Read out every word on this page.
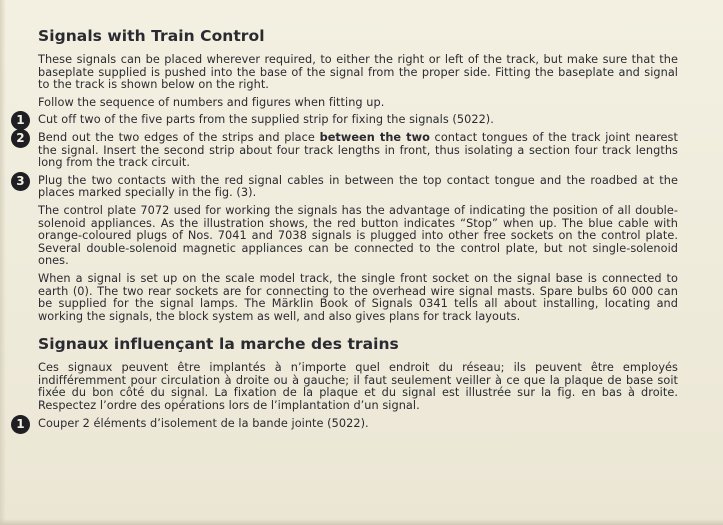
Signals with Train Control

These signals can be placed wherever required, to either the right or left of the track, but make sure that the baseplate supplied is pushed into the base of the signal from the proper side. Fitting the baseplate and signal to the track is shown below on the right.

Follow the sequence of numbers and figures when fitting up.

1	Cut off two of the five parts from the supplied strip for fixing the signals (5022).

2	Bend out the two edges of the strips and place between the two contact tongues of the track joint nearest the signal. Insert the second strip about four track lengths in front, thus isolating a section four track lengths long from the track circuit.

3	Plug the two contacts with the red signal cables in between the top contact tongue and the roadbed at the places marked specially in the fig. (3).

The control plate 7072 used for working the signals has the advantage of indicating the position of all double-solenoid appliances. As the illustration shows, the red button indicates “Stop” when up. The blue cable with orange-coloured plugs of Nos. 7041 and 7038 signals is plugged into other free sockets on the control plate. Several double-solenoid magnetic appliances can be connected to the control plate, but not single-solenoid ones.

When a signal is set up on the scale model track, the single front socket on the signal base is connected to earth (0). The two rear sockets are for connecting to the overhead wire signal masts. Spare bulbs 60 000 can be supplied for the signal lamps. The Märklin Book of Signals 0341 tells all about installing, locating and working the signals, the block system as well, and also gives plans for track layouts.

Signaux influençant la marche des trains

Ces signaux peuvent être implantés à n’importe quel endroit du réseau; ils peuvent être employés indifféremment pour circulation à droite ou à gauche; il faut seulement veiller à ce que la plaque de base soit fixée du bon côté du signal. La fixation de la plaque et du signal est illustrée sur la fig. en bas à droite. Respectez l’ordre des opérations lors de l’implantation d’un signal.

1	Couper 2 éléments d’isolement de la bande jointe (5022).
